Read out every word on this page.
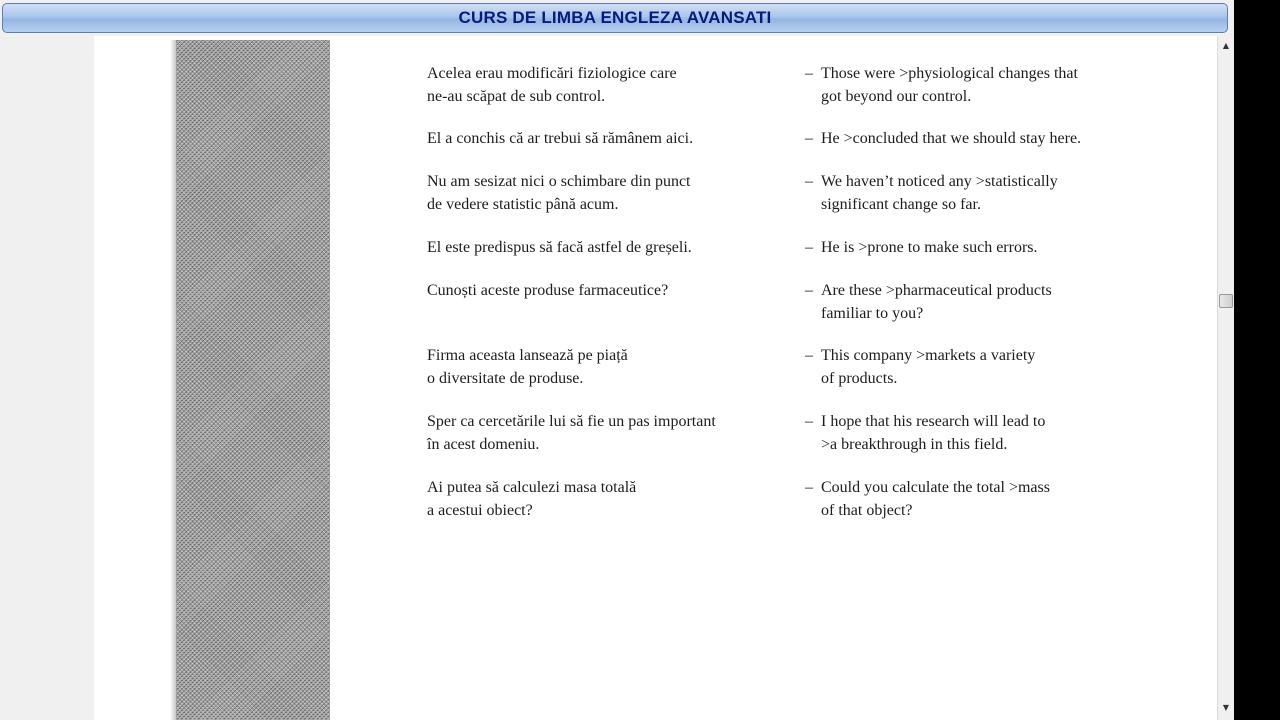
CURS DE LIMBA ENGLEZA AVANSATI
Acelea erau modificări fiziologice care
ne-au scăpat de sub control.
– Those were >physiological changes that
got beyond our control.
El a conchis că ar trebui să rămânem aici.	– He >concluded that we should stay here.
Nu am sesizat nici o schimbare din punct
de vedere statistic până acum.
– We haven’t noticed any >statistically
significant change so far.
El este predispus să facă astfel de greșeli.	– He is >prone to make such errors.
Cunoști aceste produse farmaceutice?	– Are these >pharmaceutical products
familiar to you?
Firma aceasta lansează pe piață
o diversitate de produse.
– This company >markets a variety
of products.
Sper ca cercetările lui să fie un pas important
în acest domeniu.
– I hope that his research will lead to
>a breakthrough in this field.
Ai putea să calculezi masa totală
a acestui obiect?
– Could you calculate the total >mass
of that object?
▲
▼
